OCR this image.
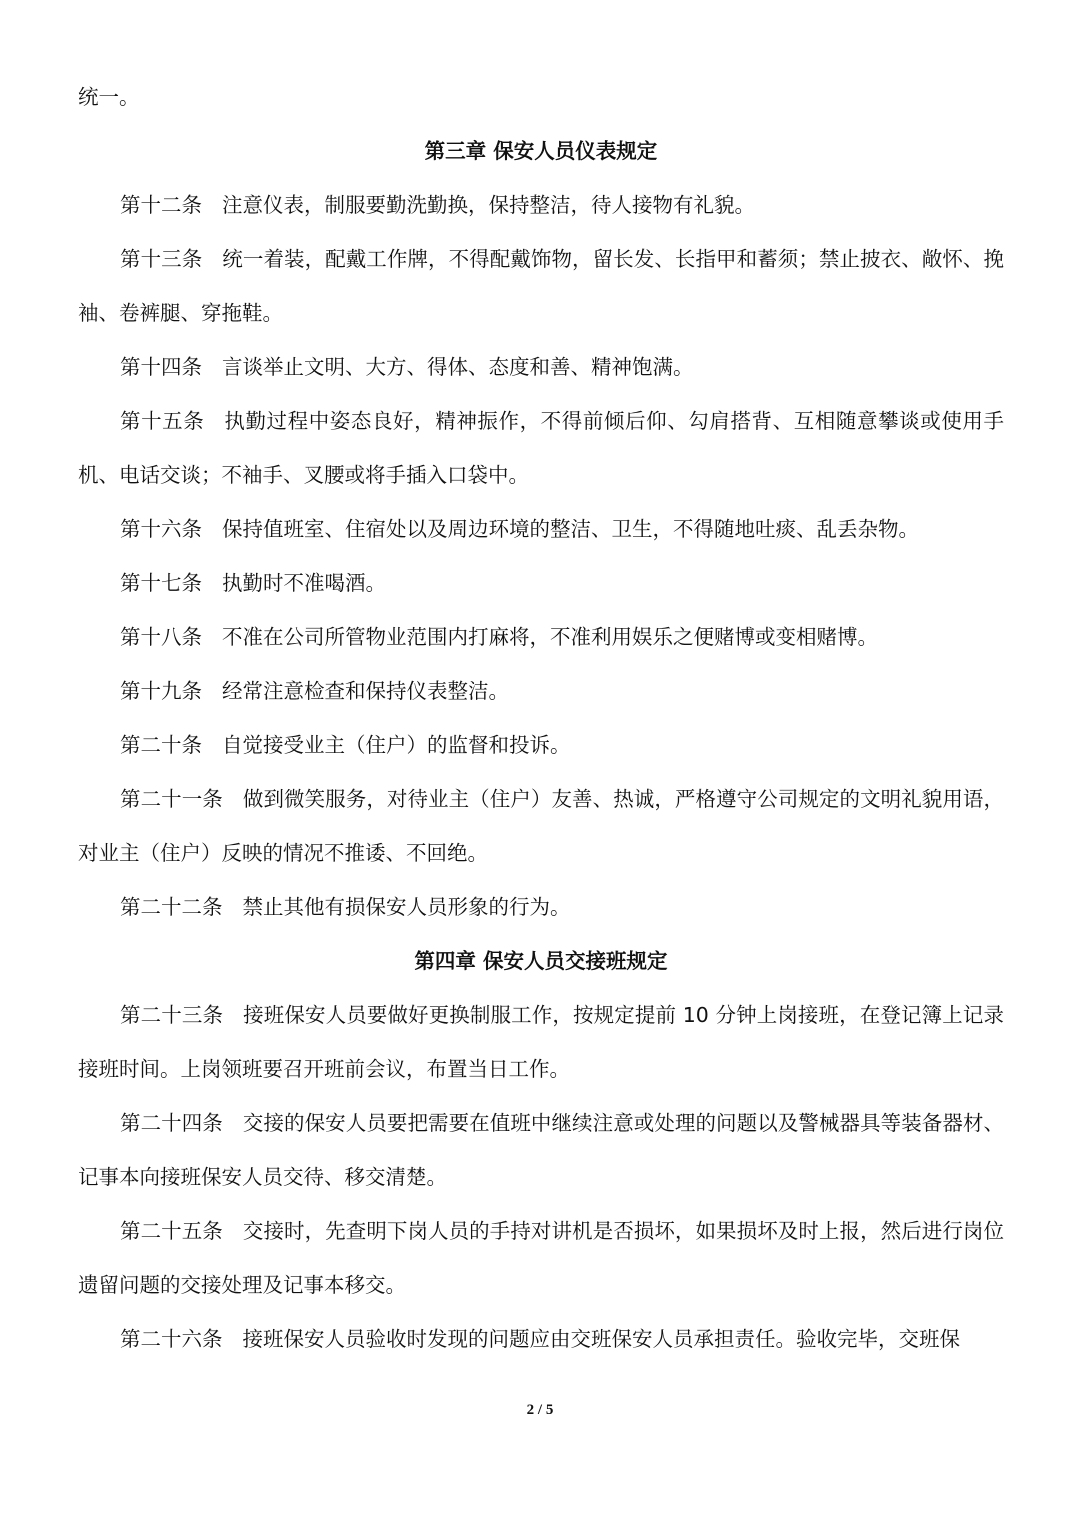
统一。

第三章 保安人员仪表规定

第十二条 注意仪表，制服要勤洗勤换，保持整洁，待人接物有礼貌。

第十三条 统一着装，配戴工作牌，不得配戴饰物，留长发、长指甲和蓄须；禁止披衣、敞怀、挽袖、卷裤腿、穿拖鞋。

第十四条 言谈举止文明、大方、得体、态度和善、精神饱满。

第十五条 执勤过程中姿态良好，精神振作，不得前倾后仰、勾肩搭背、互相随意攀谈或使用手机、电话交谈；不袖手、叉腰或将手插入口袋中。

第十六条 保持值班室、住宿处以及周边环境的整洁、卫生，不得随地吐痰、乱丢杂物。

第十七条 执勤时不准喝酒。

第十八条 不准在公司所管物业范围内打麻将，不准利用娱乐之便赌博或变相赌博。

第十九条 经常注意检查和保持仪表整洁。

第二十条 自觉接受业主（住户）的监督和投诉。

第二十一条 做到微笑服务，对待业主（住户）友善、热诚，严格遵守公司规定的文明礼貌用语，对业主（住户）反映的情况不推诿、不回绝。

第二十二条 禁止其他有损保安人员形象的行为。

第四章 保安人员交接班规定

第二十三条 接班保安人员要做好更换制服工作，按规定提前 10 分钟上岗接班，在登记簿上记录接班时间。上岗领班要召开班前会议，布置当日工作。

第二十四条 交接的保安人员要把需要在值班中继续注意或处理的问题以及警械器具等装备器材、记事本向接班保安人员交待、移交清楚。

第二十五条 交接时，先查明下岗人员的手持对讲机是否损坏，如果损坏及时上报，然后进行岗位遗留问题的交接处理及记事本移交。

第二十六条 接班保安人员验收时发现的问题应由交班保安人员承担责任。验收完毕，交班保

2 / 5
